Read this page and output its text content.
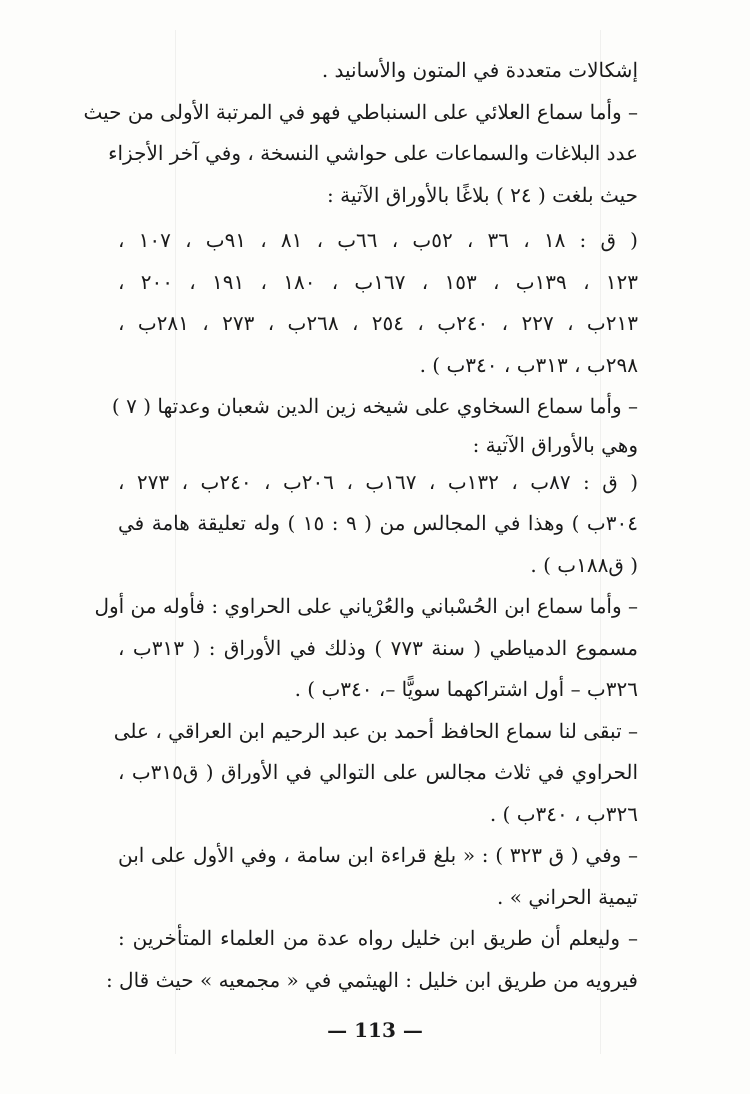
إشكالات متعددة في المتون والأسانيد .
– وأما سماع العلائي على السنباطي فهو في المرتبة الأولى من حيث
عدد البلاغات والسماعات على حواشي النسخة ، وفي آخر الأجزاء
حيث بلغت ( ٢٤ ) بلاغًا بالأوراق الآتية :
( ق : ١٨ ، ٣٦ ، ٥٢ب ، ٦٦ب ، ٨١ ، ٩١ب ، ١٠٧ ،
١٢٣ ، ١٣٩ب ، ١٥٣ ، ١٦٧ب ، ١٨٠ ، ١٩١ ، ٢٠٠ ،
٢١٣ب ، ٢٢٧ ، ٢٤٠ب ، ٢٥٤ ، ٢٦٨ب ، ٢٧٣ ، ٢٨١ب ،
٢٩٨ب ، ٣١٣ب ، ٣٤٠ب ) .
– وأما سماع السخاوي على شيخه زين الدين شعبان وعدتها ( ٧ )
وهي بالأوراق الآتية :
( ق : ٨٧ب ، ١٣٢ب ، ١٦٧ب ، ٢٠٦ب ، ٢٤٠ب ، ٢٧٣ ،
٣٠٤ب ) وهذا في المجالس من ( ٩ : ١٥ ) وله تعليقة هامة في
( ق١٨٨ب ) .
– وأما سماع ابن الحُسْباني والعُرْياني على الحراوي : فأوله من أول
مسموع الدمياطي ( سنة ٧٧٣ ) وذلك في الأوراق : ( ٣١٣ب ،
٣٢٦ب – أول اشتراكهما سويًّا –، ٣٤٠ب ) .
– تبقى لنا سماع الحافظ أحمد بن عبد الرحيم ابن العراقي ، على
الحراوي في ثلاث مجالس على التوالي في الأوراق ( ق٣١٥ب ،
٣٢٦ب ، ٣٤٠ب ) .
– وفي ( ق ٣٢٣ ) : « بلغ قراءة ابن سامة ، وفي الأول على ابن
تيمية الحراني » .
– وليعلم أن طريق ابن خليل رواه عدة من العلماء المتأخرين :
فيرويه من طريق ابن خليل : الهيثمي في « مجمعيه » حيث قال :
— 113 —
